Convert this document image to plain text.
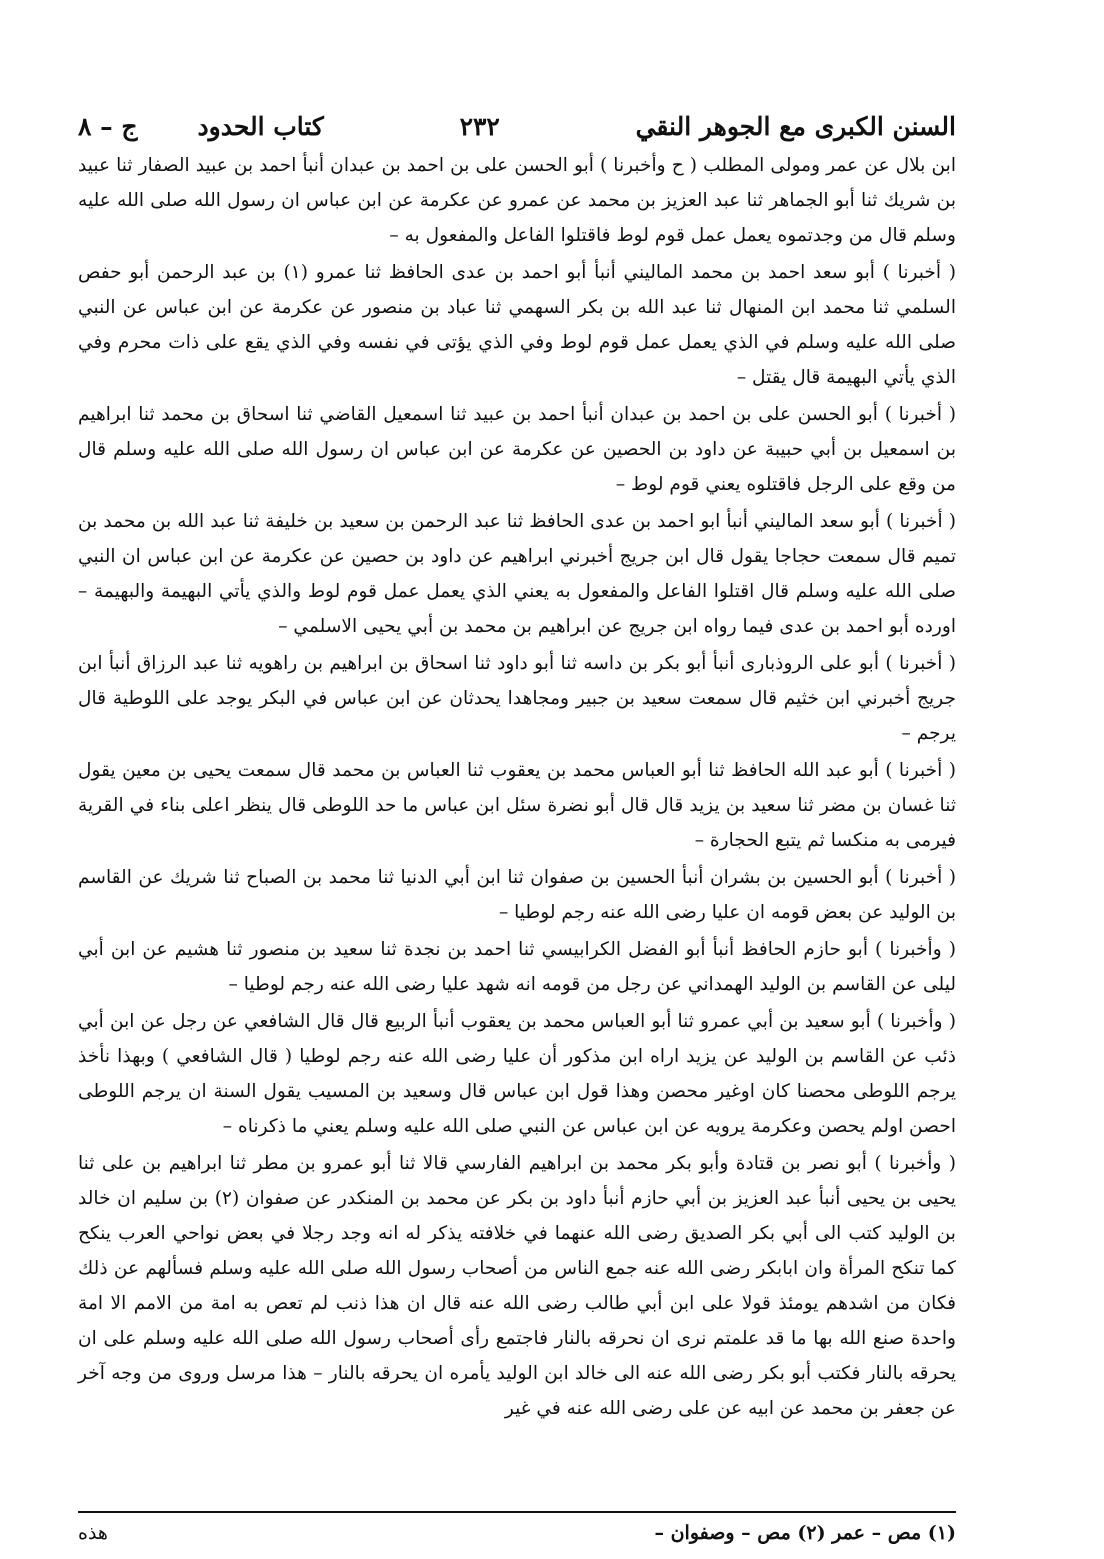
السنن الكبرى مع الجوهر النقي
٢٣٢
كتاب الحدود
ج – ٨

ابن بلال عن عمر ومولى المطلب ( ح وأخبرنا ) أبو الحسن على بن احمد بن عبدان أنبأ احمد بن عبيد الصفار ثنا عبيد بن شريك ثنا أبو الجماهر ثنا عبد العزيز بن محمد عن عمرو عن عكرمة عن ابن عباس ان رسول الله صلى الله عليه وسلم قال من وجدتموه يعمل عمل قوم لوط فاقتلوا الفاعل والمفعول به –

( أخبرنا ) أبو سعد احمد بن محمد الماليني أنبأ أبو احمد بن عدى الحافظ ثنا عمرو (١) بن عبد الرحمن أبو حفص السلمي ثنا محمد ابن المنهال ثنا عبد الله بن بكر السهمي ثنا عباد بن منصور عن عكرمة عن ابن عباس عن النبي صلى الله عليه وسلم في الذي يعمل عمل قوم لوط وفي الذي يؤتى في نفسه وفي الذي يقع على ذات محرم وفي الذي يأتي البهيمة قال يقتل –

( أخبرنا ) أبو الحسن على بن احمد بن عبدان أنبأ احمد بن عبيد ثنا اسمعيل القاضي ثنا اسحاق بن محمد ثنا ابراهيم بن اسمعيل بن أبي حبيبة عن داود بن الحصين عن عكرمة عن ابن عباس ان رسول الله صلى الله عليه وسلم قال من وقع على الرجل فاقتلوه يعني قوم لوط –

( أخبرنا ) أبو سعد الماليني أنبأ ابو احمد بن عدى الحافظ ثنا عبد الرحمن بن سعيد بن خليفة ثنا عبد الله بن محمد بن تميم قال سمعت حجاجا يقول قال ابن جريج أخبرني ابراهيم عن داود بن حصين عن عكرمة عن ابن عباس ان النبي صلى الله عليه وسلم قال اقتلوا الفاعل والمفعول به يعني الذي يعمل عمل قوم لوط والذي يأتي البهيمة والبهيمة – اورده أبو احمد بن عدى فيما رواه ابن جريج عن ابراهيم بن محمد بن أبي يحيى الاسلمي –

( أخبرنا ) أبو على الروذبارى أنبأ أبو بكر بن داسه ثنا أبو داود ثنا اسحاق بن ابراهيم بن راهويه ثنا عبد الرزاق أنبأ ابن جريج أخبرني ابن خثيم قال سمعت سعيد بن جبير ومجاهدا يحدثان عن ابن عباس في البكر يوجد على اللوطية قال يرجم –

( أخبرنا ) أبو عبد الله الحافظ ثنا أبو العباس محمد بن يعقوب ثنا العباس بن محمد قال سمعت يحيى بن معين يقول ثنا غسان بن مضر ثنا سعيد بن يزيد قال قال أبو نضرة سئل ابن عباس ما حد اللوطى قال ينظر اعلى بناء في القرية فيرمى به منكسا ثم يتبع الحجارة –

( أخبرنا ) أبو الحسين بن بشران أنبأ الحسين بن صفوان ثنا ابن أبي الدنيا ثنا محمد بن الصباح ثنا شريك عن القاسم بن الوليد عن بعض قومه ان عليا رضى الله عنه رجم لوطيا –

( وأخبرنا ) أبو حازم الحافظ أنبأ أبو الفضل الكرابيسي ثنا احمد بن نجدة ثنا سعيد بن منصور ثنا هشيم عن ابن أبي ليلى عن القاسم بن الوليد الهمداني عن رجل من قومه انه شهد عليا رضى الله عنه رجم لوطيا –

( وأخبرنا ) أبو سعيد بن أبي عمرو ثنا أبو العباس محمد بن يعقوب أنبأ الربيع قال قال الشافعي عن رجل عن ابن أبي ذئب عن القاسم بن الوليد عن يزيد اراه ابن مذكور أن عليا رضى الله عنه رجم لوطيا ( قال الشافعي ) وبهذا نأخذ يرجم اللوطى محصنا كان اوغير محصن وهذا قول ابن عباس قال وسعيد بن المسيب يقول السنة ان يرجم اللوطى احصن اولم يحصن وعكرمة يرويه عن ابن عباس عن النبي صلى الله عليه وسلم يعني ما ذكرناه –

( وأخبرنا ) أبو نصر بن قتادة وأبو بكر محمد بن ابراهيم الفارسي قالا ثنا أبو عمرو بن مطر ثنا ابراهيم بن على ثنا يحيى بن يحيى أنبأ عبد العزيز بن أبي حازم أنبأ داود بن بكر عن محمد بن المنكدر عن صفوان (٢) بن سليم ان خالد بن الوليد كتب الى أبي بكر الصديق رضى الله عنهما في خلافته يذكر له انه وجد رجلا في بعض نواحي العرب ينكح كما تنكح المرأة وان ابابكر رضى الله عنه جمع الناس من أصحاب رسول الله صلى الله عليه وسلم فسألهم عن ذلك فكان من اشدهم يومئذ قولا على ابن أبي طالب رضى الله عنه قال ان هذا ذنب لم تعص به امة من الامم الا امة واحدة صنع الله بها ما قد علمتم نرى ان نحرقه بالنار فاجتمع رأى أصحاب رسول الله صلى الله عليه وسلم على ان يحرقه بالنار فكتب أبو بكر رضى الله عنه الى خالد ابن الوليد يأمره ان يحرقه بالنار – هذا مرسل وروى من وجه آخر عن جعفر بن محمد عن ابيه عن على رضى الله عنه في غير

(١) مص – عمر (٢) مص – وصفوان –
هذه
